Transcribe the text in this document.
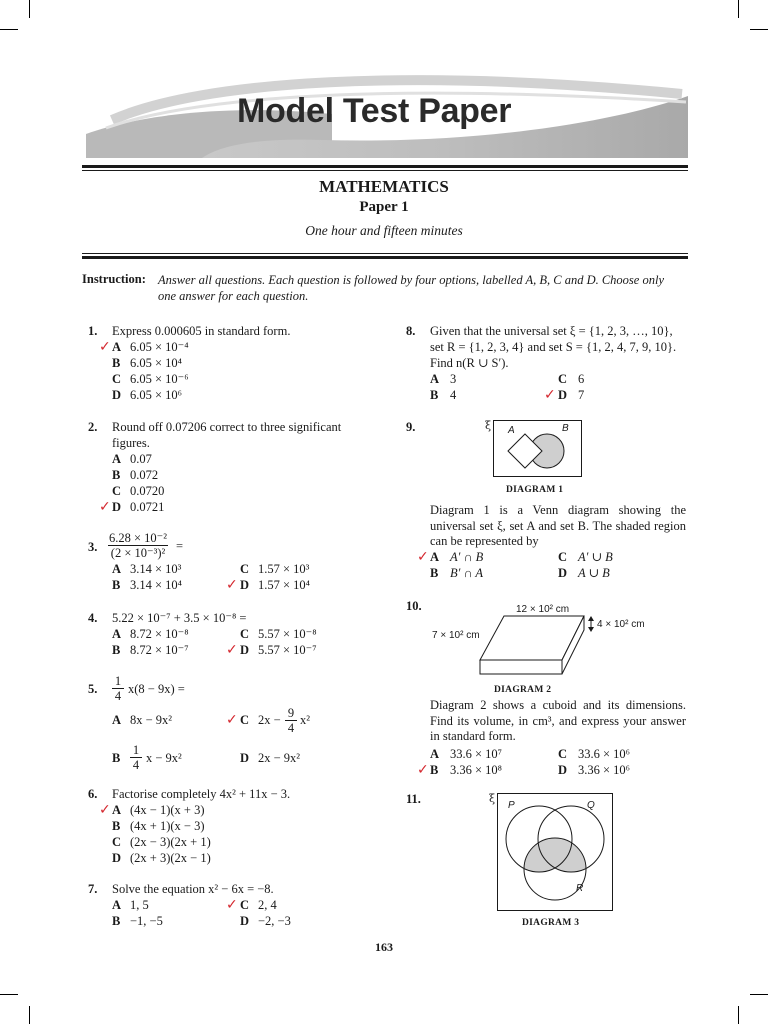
Model Test Paper
MATHEMATICS
Paper 1
One hour and fifteen minutes
Instruction: Answer all questions. Each question is followed by four options, labelled A, B, C and D. Choose only one answer for each question.
1. Express 0.000605 in standard form.
✓ A 6.05 × 10⁻⁴
B 6.05 × 10⁴
C 6.05 × 10⁻⁶
D 6.05 × 10⁶
2. Round off 0.07206 correct to three significant
figures.
A 0.07
B 0.072
C 0.0720
✓ D 0.0721
3. $\frac{\text{6.28 × 10⁻²}}{\text{(2 × 10⁻³)²}}$ =
A 3.14 × 10³	C 1.57 × 10³
B 3.14 × 10⁴	✓ D 1.57 × 10⁴
4. 5.22 × 10⁻⁷ + 3.5 × 10⁻⁸ =
A 8.72 × 10⁻⁸	C 5.57 × 10⁻⁸
B 8.72 × 10⁻⁷	✓ D 5.57 × 10⁻⁷
5. $\frac{1}{4} x(8 - 9x)$ =
A 8x − 9x²	✓ C $2x - \frac{9}{4} x^2$
B $\frac{1}{4}$ x − 9x²	D 2x − 9x²
6. Factorise completely 4x² + 11x − 3.
✓ A (4x − 1)(x + 3)
B (4x + 1)(x − 3)
C (2x − 3)(2x + 1)
D (2x + 3)(2x − 1)
7. Solve the equation x² − 6x = −8.
A 1, 5	✓ C 2, 4
B −1, −5	D −2, −3
8. Given that the universal set ξ = {1, 2, 3, …, 10},
set R = {1, 2, 3, 4} and set S = {1, 2, 4, 7, 9, 10}.
Find n(R ∪ S′).
A 3	C 6
B 4	✓ D 7
9.	ξ A	B
DIAGRAM 1
Diagram 1 is a Venn diagram showing the universal set ξ, set A and set B. The shaded region can be represented by
✓ A A′ ∩ B	C A′ ∪ B
B B′ ∩ A	D A ∪ B
10.	12 × 10² cm
4 × 10² cm
7 × 10² cm
DIAGRAM 2
Diagram 2 shows a cuboid and its dimensions. Find its volume, in cm³, and express your answer in standard form.
A 33.6 × 10⁷	C 33.6 × 10⁶
✓ B 3.36 × 10⁸	D 3.36 × 10⁶
11.	ξ
P	Q
R
DIAGRAM 3
163
